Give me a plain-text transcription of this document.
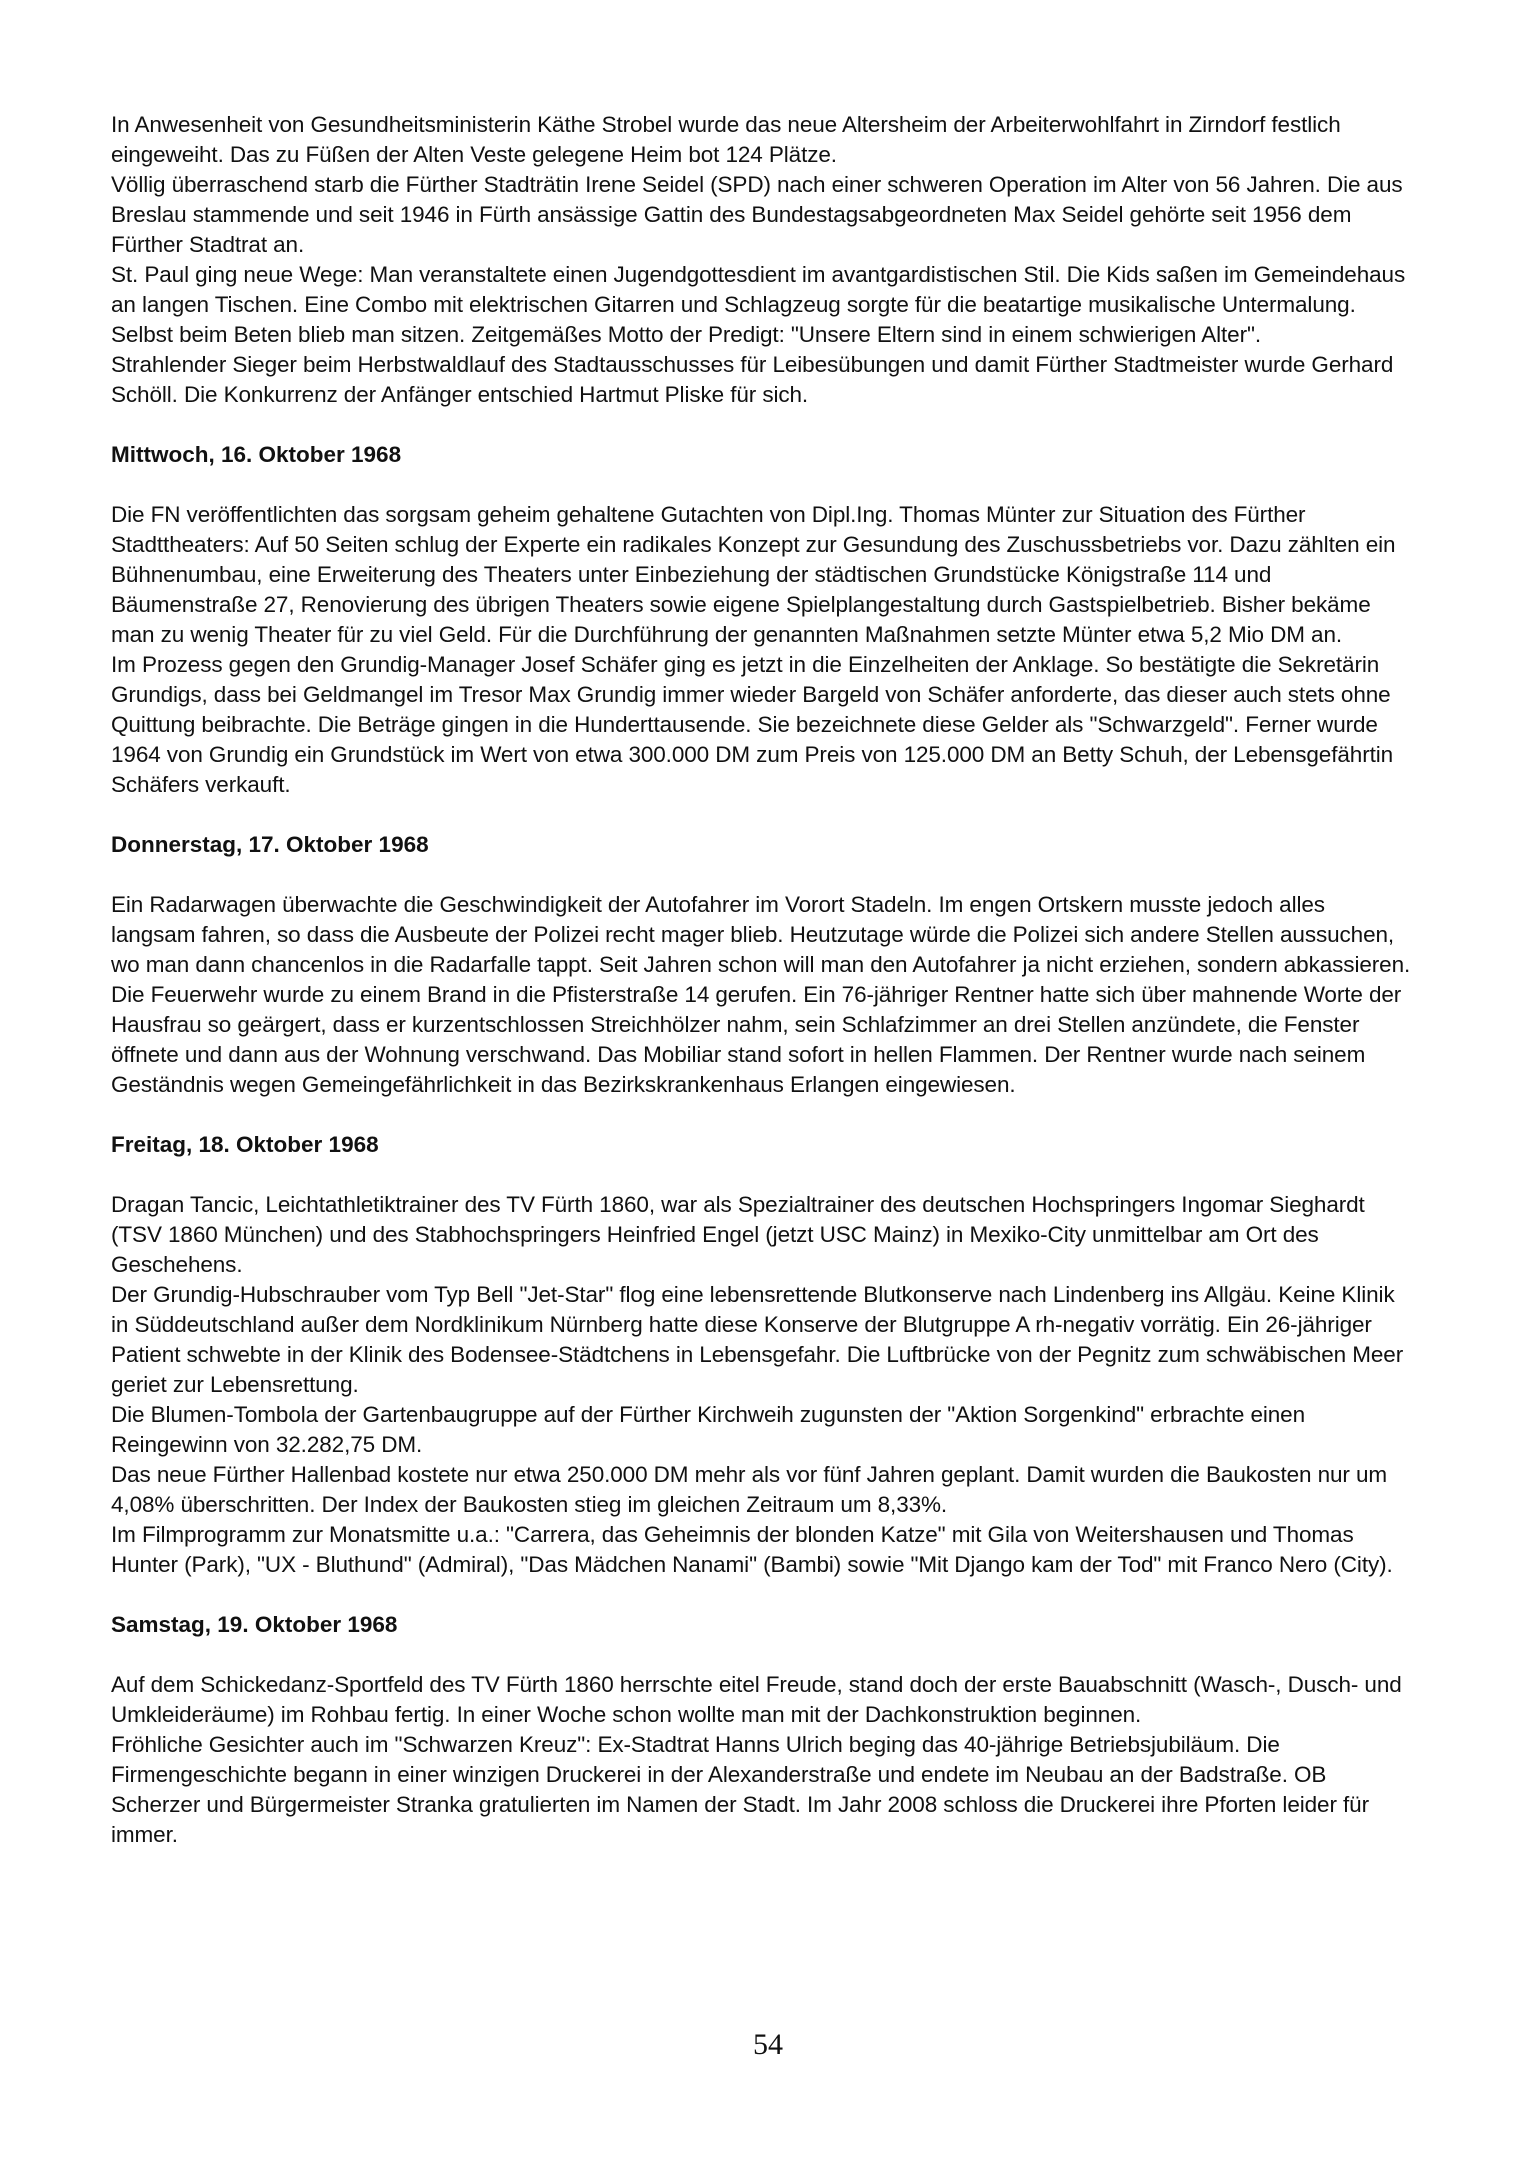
In Anwesenheit von Gesundheitsministerin Käthe Strobel wurde das neue Altersheim der Arbeiterwohlfahrt in Zirndorf festlich eingeweiht. Das zu Füßen der Alten Veste gelegene Heim bot 124 Plätze.

Völlig überraschend starb die Fürther Stadträtin Irene Seidel (SPD) nach einer schweren Operation im Alter von 56 Jahren. Die aus Breslau stammende und seit 1946 in Fürth ansässige Gattin des Bundestagsabgeordneten Max Seidel gehörte seit 1956 dem Fürther Stadtrat an.

St. Paul ging neue Wege: Man veranstaltete einen Jugendgottesdient im avantgardistischen Stil. Die Kids saßen im Gemeindehaus an langen Tischen. Eine Combo mit elektrischen Gitarren und Schlagzeug sorgte für die beatartige musikalische Untermalung. Selbst beim Beten blieb man sitzen. Zeitgemäßes Motto der Predigt: "Unsere Eltern sind in einem schwierigen Alter".

Strahlender Sieger beim Herbstwaldlauf des Stadtausschusses für Leibesübungen und damit Fürther Stadtmeister wurde Gerhard Schöll. Die Konkurrenz der Anfänger entschied Hartmut Pliske für sich.

Mittwoch, 16. Oktober 1968

Die FN veröffentlichten das sorgsam geheim gehaltene Gutachten von Dipl.Ing. Thomas Münter zur Situation des Fürther Stadttheaters: Auf 50 Seiten schlug der Experte ein radikales Konzept zur Gesundung des Zuschussbetriebs vor. Dazu zählten ein Bühnenumbau, eine Erweiterung des Theaters unter Einbeziehung der städtischen Grundstücke Königstraße 114 und Bäumenstraße 27, Renovierung des übrigen Theaters sowie eigene Spielplangestaltung durch Gastspielbetrieb. Bisher bekäme man zu wenig Theater für zu viel Geld. Für die Durchführung der genannten Maßnahmen setzte Münter etwa 5,2 Mio DM an.

Im Prozess gegen den Grundig-Manager Josef Schäfer ging es jetzt in die Einzelheiten der Anklage. So bestätigte die Sekretärin Grundigs, dass bei Geldmangel im Tresor Max Grundig immer wieder Bargeld von Schäfer anforderte, das dieser auch stets ohne Quittung beibrachte. Die Beträge gingen in die Hunderttausende. Sie bezeichnete diese Gelder als "Schwarzgeld". Ferner wurde 1964 von Grundig ein Grundstück im Wert von etwa 300.000 DM zum Preis von 125.000 DM an Betty Schuh, der Lebensgefährtin Schäfers verkauft.

Donnerstag, 17. Oktober 1968

Ein Radarwagen überwachte die Geschwindigkeit der Autofahrer im Vorort Stadeln. Im engen Ortskern musste jedoch alles langsam fahren, so dass die Ausbeute der Polizei recht mager blieb. Heutzutage würde die Polizei sich andere Stellen aussuchen, wo man dann chancenlos in die Radarfalle tappt. Seit Jahren schon will man den Autofahrer ja nicht erziehen, sondern abkassieren.

Die Feuerwehr wurde zu einem Brand in die Pfisterstraße 14 gerufen. Ein 76-jähriger Rentner hatte sich über mahnende Worte der Hausfrau so geärgert, dass er kurzentschlossen Streichhölzer nahm, sein Schlafzimmer an drei Stellen anzündete, die Fenster öffnete und dann aus der Wohnung verschwand. Das Mobiliar stand sofort in hellen Flammen. Der Rentner wurde nach seinem Geständnis wegen Gemeingefährlichkeit in das Bezirkskrankenhaus Erlangen eingewiesen.

Freitag, 18. Oktober 1968

Dragan Tancic, Leichtathletiktrainer des TV Fürth 1860, war als Spezialtrainer des deutschen Hochspringers Ingomar Sieghardt (TSV 1860 München) und des Stabhochspringers Heinfried Engel (jetzt USC Mainz) in Mexiko-City unmittelbar am Ort des Geschehens.

Der Grundig-Hubschrauber vom Typ Bell "Jet-Star" flog eine lebensrettende Blutkonserve nach Lindenberg ins Allgäu. Keine Klinik in Süddeutschland außer dem Nordklinikum Nürnberg hatte diese Konserve der Blutgruppe A rh-negativ vorrätig. Ein 26-jähriger Patient schwebte in der Klinik des Bodensee-Städtchens in Lebensgefahr. Die Luftbrücke von der Pegnitz zum schwäbischen Meer geriet zur Lebensrettung.

Die Blumen-Tombola der Gartenbaugruppe auf der Fürther Kirchweih zugunsten der "Aktion Sorgenkind" erbrachte einen Reingewinn von 32.282,75 DM.

Das neue Fürther Hallenbad kostete nur etwa 250.000 DM mehr als vor fünf Jahren geplant. Damit wurden die Baukosten nur um 4,08% überschritten. Der Index der Baukosten stieg im gleichen Zeitraum um 8,33%.

Im Filmprogramm zur Monatsmitte u.a.: "Carrera, das Geheimnis der blonden Katze" mit Gila von Weitershausen und Thomas Hunter (Park), "UX - Bluthund" (Admiral), "Das Mädchen Nanami" (Bambi) sowie "Mit Django kam der Tod" mit Franco Nero (City).

Samstag, 19. Oktober 1968

Auf dem Schickedanz-Sportfeld des TV Fürth 1860 herrschte eitel Freude, stand doch der erste Bauabschnitt (Wasch-, Dusch- und Umkleideräume) im Rohbau fertig. In einer Woche schon wollte man mit der Dachkonstruktion beginnen.

Fröhliche Gesichter auch im "Schwarzen Kreuz": Ex-Stadtrat Hanns Ulrich beging das 40-jährige Betriebsjubiläum. Die Firmengeschichte begann in einer winzigen Druckerei in der Alexanderstraße und endete im Neubau an der Badstraße. OB Scherzer und Bürgermeister Stranka gratulierten im Namen der Stadt. Im Jahr 2008 schloss die Druckerei ihre Pforten leider für immer.

54
